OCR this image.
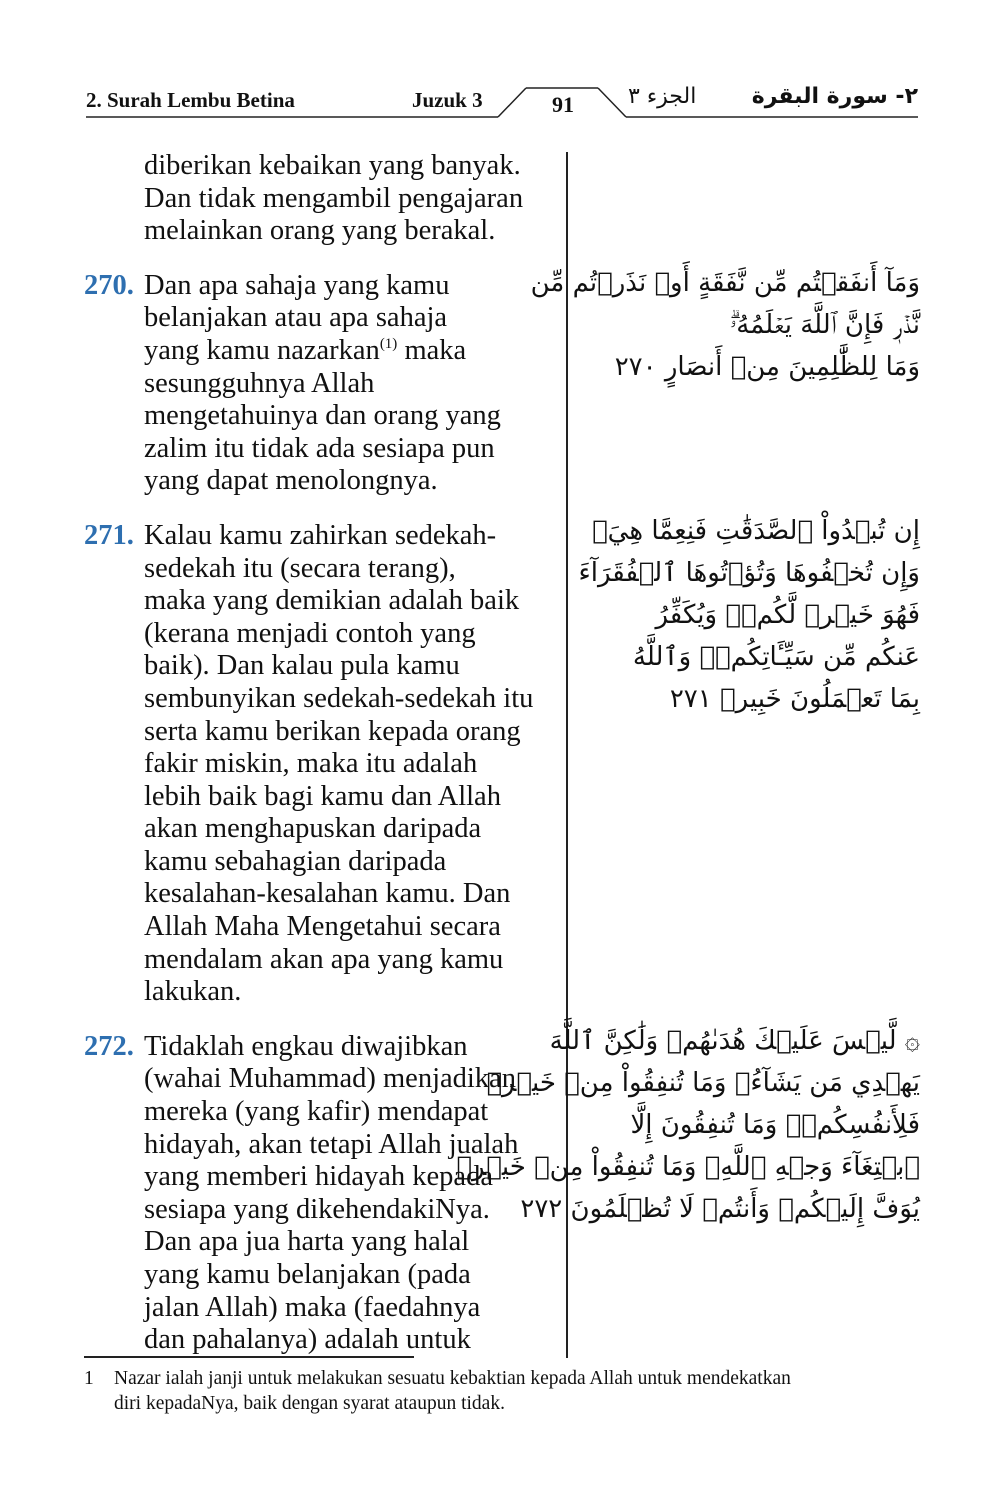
2. Surah Lembu Betina	Juzuk 3	91	الجزء ٣	٢- سورة البقرة
diberikan kebaikan yang banyak.
Dan tidak mengambil pengajaran
melainkan orang yang berakal.
270. Dan apa sahaja yang kamu
belanjakan atau apa sahaja
yang kamu nazarkan$^{(1)}$ maka
sesungguhnya Allah
mengetahuinya dan orang yang
zalim itu tidak ada sesiapa pun
yang dapat menolongnya.
271. Kalau kamu zahirkan sedekah-
sedekah itu (secara terang),
maka yang demikian adalah baik
(kerana menjadi contoh yang
baik). Dan kalau pula kamu
sembunyikan sedekah-sedekah itu
serta kamu berikan kepada orang
fakir miskin, maka itu adalah
lebih baik bagi kamu dan Allah
akan menghapuskan daripada
kamu sebahagian daripada
kesalahan-kesalahan kamu. Dan
Allah Maha Mengetahui secara
mendalam akan apa yang kamu
lakukan.
272. Tidaklah engkau diwajibkan
(wahai Muhammad) menjadikan
mereka (yang kafir) mendapat
hidayah, akan tetapi Allah jualah
yang memberi hidayah kepada
sesiapa yang dikehendakiNya.
Dan apa jua harta yang halal
yang kamu belanjakan (pada
jalan Allah) maka (faedahnya
dan pahalanya) adalah untuk
وَمَآ أَنفَقۡتُم مِّن نَّفَقَةٍ أَوۡ نَذَرۡتُم مِّن
نَّذۡرٖ فَإِنَّ ٱللَّهَ يَعۡلَمُهُۥۗ
وَمَا لِلظَّٰلِمِينَ مِنۡ أَنصَارٍ ٢٧٠
إِن تُبۡدُواْ ٱلصَّدَقَٰتِ فَنِعِمَّا هِيَۖ
وَإِن تُخۡفُوهَا وَتُؤۡتُوهَا ٱلۡفُقَرَآءَ
فَهُوَ خَيۡرٞ لَّكُمۡۚ وَيُكَفِّرُ
عَنكُم مِّن سَيِّـَٔاتِكُمۡۗ وَٱللَّهُ
بِمَا تَعۡمَلُونَ خَبِيرٞ ٢٧١
۞ لَّيۡسَ عَلَيۡكَ هُدَىٰهُمۡ وَلَٰكِنَّ ٱللَّهَ
يَهۡدِي مَن يَشَآءُۗ وَمَا تُنفِقُواْ مِنۡ خَيۡرٖ
فَلِأَنفُسِكُمۡۚ وَمَا تُنفِقُونَ إِلَّا
ٱبۡتِغَآءَ وَجۡهِ ٱللَّهِۚ وَمَا تُنفِقُواْ مِنۡ خَيۡرٖ
يُوَفَّ إِلَيۡكُمۡ وَأَنتُمۡ لَا تُظۡلَمُونَ ٢٧٢
1 Nazar ialah janji untuk melakukan sesuatu kebaktian kepada Allah untuk mendekatkan
diri kepadaNya, baik dengan syarat ataupun tidak.
